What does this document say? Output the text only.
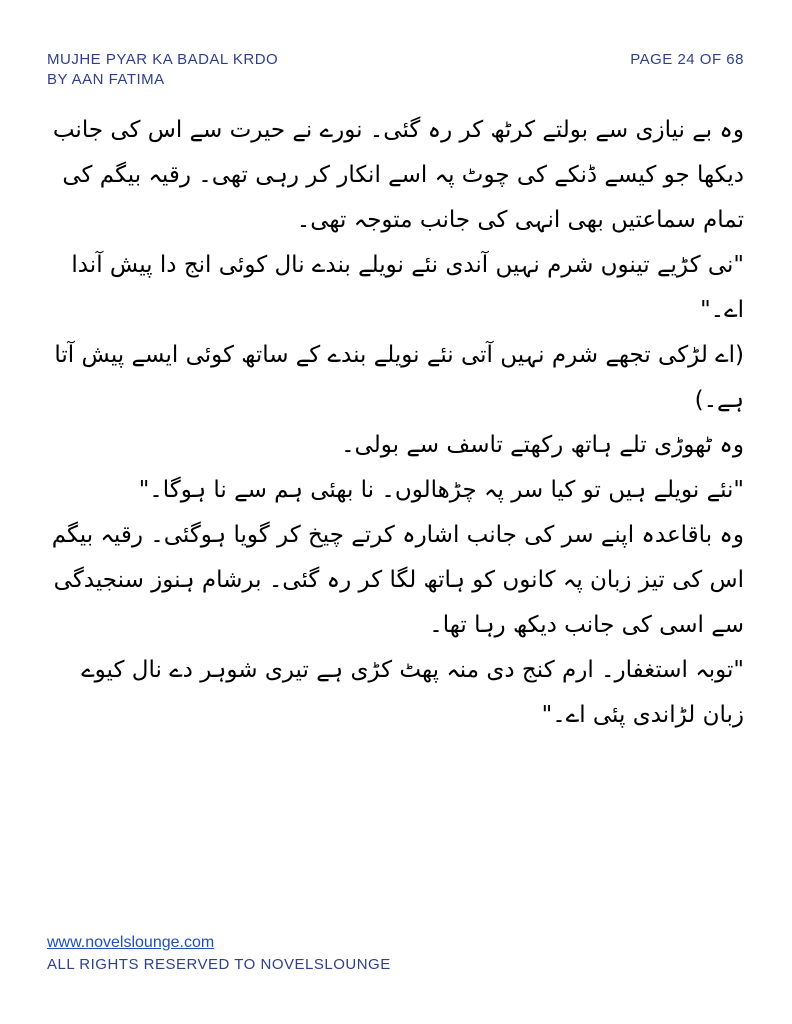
MUJHE PYAR KA BADAL KRDO
BY AAN FATIMA
PAGE 24 OF 68

وہ بے نیازی سے بولتے کرٹھ کر رہ گئی۔ نورے نے حیرت سے اس کی جانب دیکھا جو کیسے ڈنکے کی چوٹ پہ اسے انکار کر رہی تھی۔ رقیہ بیگم کی تمام سماعتیں بھی انہی کی جانب متوجہ تھی۔

"نی کڑیے تینوں شرم نہیں آندی نئے نویلے بندے نال کوئی انج دا پیش آندا اے۔"

(اے لڑکی تجھے شرم نہیں آتی نئے نویلے بندے کے ساتھ کوئی ایسے پیش آتا ہے۔)

وہ ٹھوڑی تلے ہاتھ رکھتے تاسف سے بولی۔

"نئے نویلے ہیں تو کیا سر پہ چڑھالوں۔ نا بھئی ہم سے نا ہوگا۔"

وہ باقاعدہ اپنے سر کی جانب اشارہ کرتے چیخ کر گویا ہوگئی۔ رقیہ بیگم اس کی تیز زبان پہ کانوں کو ہاتھ لگا کر رہ گئی۔ برشام ہنوز سنجیدگی سے اسی کی جانب دیکھ رہا تھا۔

"توبہ استغفار۔ ارم کنج دی منہ پھٹ کڑی ہے تیری شوہر دے نال کیوے زبان لڑاندی پئی اے۔"

www.novelslounge.com
ALL RIGHTS RESERVED TO NOVELSLOUNGE
